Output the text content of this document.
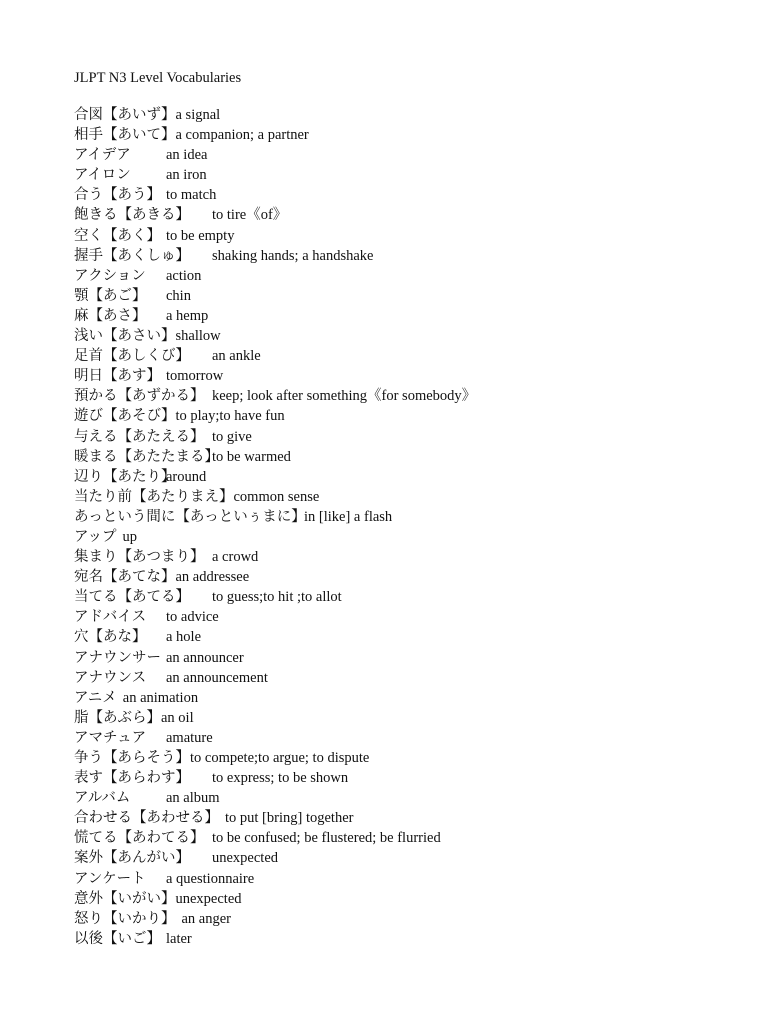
JLPT N3 Level Vocabularies
合図【あいず】a signal
相手【あいて】a companion; a partner
アイデア an idea
アイロン an iron
合う【あう】 to match
飽きる【あきる】 to tire《of》
空く【あく】 to be empty
握手【あくしゅ】 shaking hands; a handshake
アクション action
顎【あご】 chin
麻【あさ】 a hemp
浅い【あさい】shallow
足首【あしくび】 an ankle
明日【あす】 tomorrow
預かる【あずかる】 keep; look after something《for somebody》
遊び【あそび】to play;to have fun
与える【あたえる】 to give
暖まる【あたたまる】
to be warmed
辺り【あたり】
around
当たり前【あたりまえ】common sense
あっという間に【あっといぅまに】
in [like] a flash
アップ up
集まり【あつまり】 a crowd
宛名【あてな】an addressee
当てる【あてる】 to guess;to hit ;to allot
アドバイス to advice
穴【あな】 a hole
アナウンサー an announcer
アナウンス an announcement
アニメ an animation
脂【あぶら】an oil
アマチュア amature
争う【あらそう】to compete;to argue; to dispute
表す【あらわす】 to express; to be shown
アルバム an album
合わせる【あわせる】 to put [bring] together
慌てる【あわてる】 to be confused; be flustered; be flurried
案外【あんがい】 unexpected
アンケート a questionnaire
意外【いがい】unexpected
怒り【いかり】 an anger
以後【いご】 later
